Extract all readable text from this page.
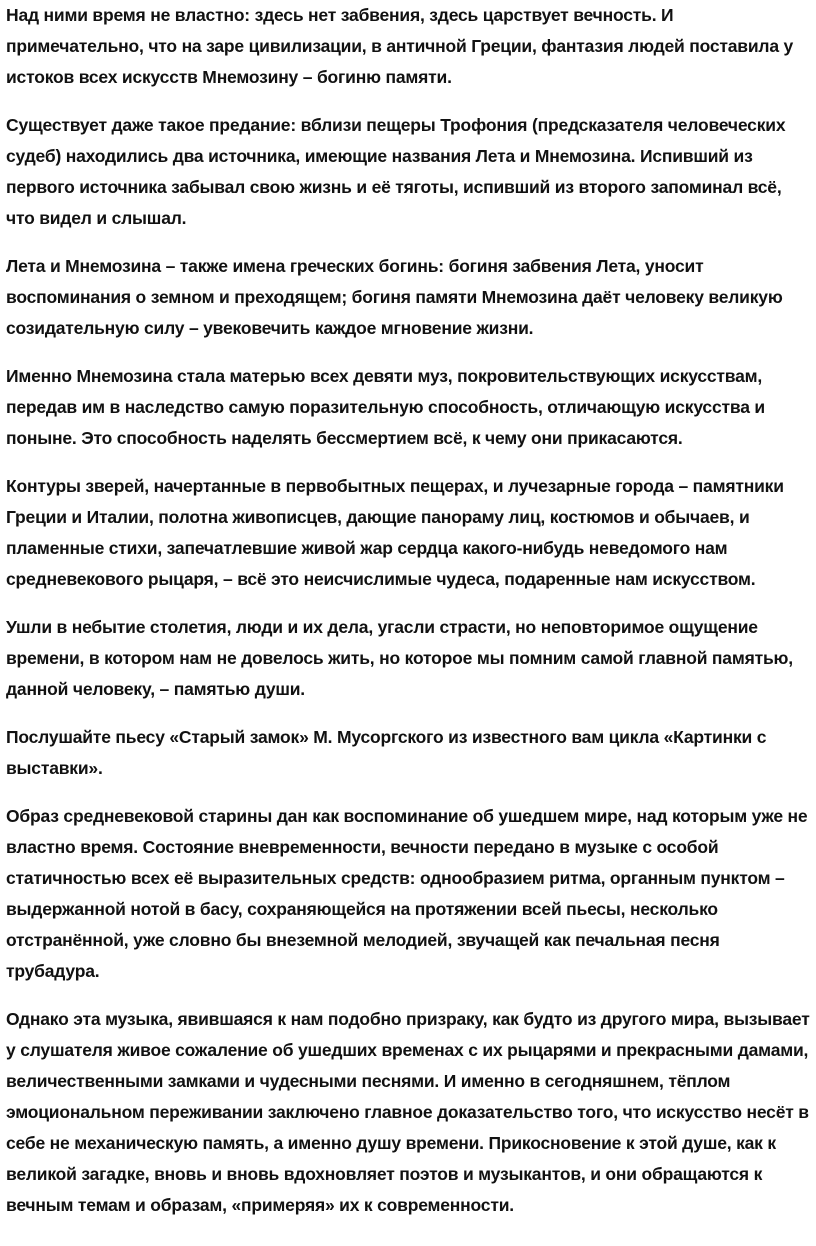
Над ними время не властно: здесь нет забвения, здесь царствует вечность. И примечательно, что на заре цивилизации, в античной Греции, фантазия людей поставила у истоков всех искусств Мнемозину – богиню памяти.

Существует даже такое предание: вблизи пещеры Трофония (предсказателя человеческих судеб) находились два источника, имеющие названия Лета и Мнемозина. Испивший из первого источника забывал свою жизнь и её тяготы, испивший из второго запоминал всё, что видел и слышал.

Лета и Мнемозина – также имена греческих богинь: богиня забвения Лета, уносит воспоминания о земном и преходящем; богиня памяти Мнемозина даёт человеку великую созидательную силу – увековечить каждое мгновение жизни.

Именно Мнемозина стала матерью всех девяти муз, покровительствующих искусствам, передав им в наследство самую поразительную способность, отличающую искусства и поныне. Это способность наделять бессмертием всё, к чему они прикасаются.

Контуры зверей, начертанные в первобытных пещерах, и лучезарные города – памятники Греции и Италии, полотна живописцев, дающие панораму лиц, костюмов и обычаев, и пламенные стихи, запечатлевшие живой жар сердца какого-нибудь неведомого нам средневекового рыцаря, – всё это неисчислимые чудеса, подаренные нам искусством.

Ушли в небытие столетия, люди и их дела, угасли страсти, но неповторимое ощущение времени, в котором нам не довелось жить, но которое мы помним самой главной памятью, данной человеку, – памятью души.

Послушайте пьесу «Старый замок» М. Мусоргского из известного вам цикла «Картинки с выставки».

Образ средневековой старины дан как воспоминание об ушедшем мире, над которым уже не властно время. Состояние вневременности, вечности передано в музыке с особой статичностью всех её выразительных средств: однообразием ритма, органным пунктом – выдержанной нотой в басу, сохраняющейся на протяжении всей пьесы, несколько отстранённой, уже словно бы внеземной мелодией, звучащей как печальная песня трубадура.

Однако эта музыка, явившаяся к нам подобно призраку, как будто из другого мира, вызывает у слушателя живое сожаление об ушедших временах с их рыцарями и прекрасными дамами, величественными замками и чудесными песнями. И именно в сегодняшнем, тёплом эмоциональном переживании заключено главное доказательство того, что искусство несёт в себе не механическую память, а именно душу времени. Прикосновение к этой душе, как к великой загадке, вновь и вновь вдохновляет поэтов и музыкантов, и они обращаются к вечным темам и образам, «примеряя» их к современности.
